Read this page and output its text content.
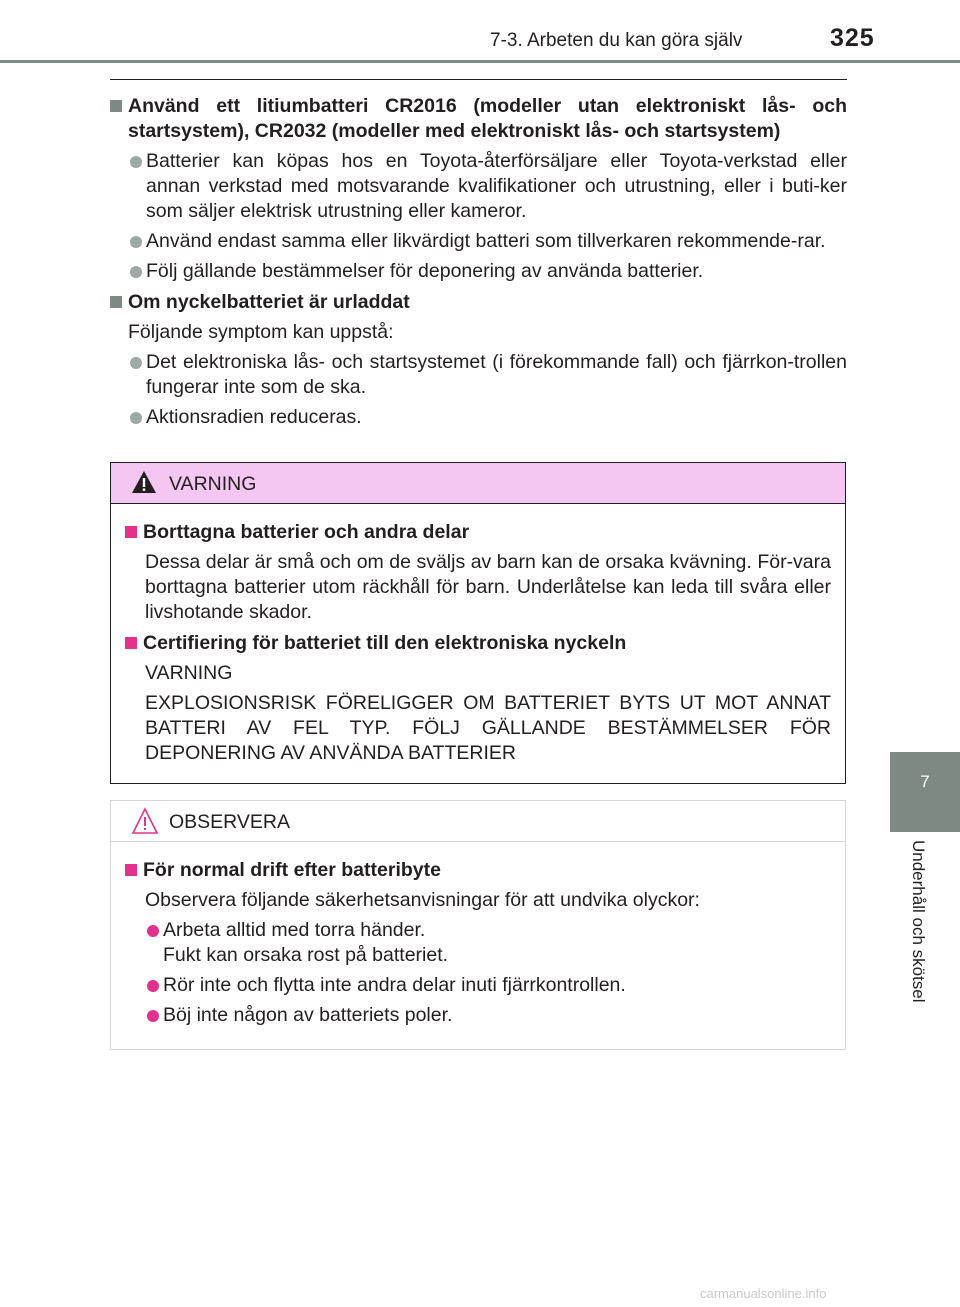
7-3. Arbeten du kan göra själv	325
7
Underhåll och skötsel
Använd ett litiumbatteri CR2016 (modeller utan elektroniskt lås- och startsystem), CR2032 (modeller med elektroniskt lås- och startsystem)
Batterier kan köpas hos en Toyota-återförsäljare eller Toyota-verkstad eller annan verkstad med motsvarande kvalifikationer och utrustning, eller i buti-ker som säljer elektrisk utrustning eller kameror.
Använd endast samma eller likvärdigt batteri som tillverkaren rekommende-rar.
Följ gällande bestämmelser för deponering av använda batterier.
Om nyckelbatteriet är urladdat
Följande symptom kan uppstå:
Det elektroniska lås- och startsystemet (i förekommande fall) och fjärrkon-trollen fungerar inte som de ska.
Aktionsradien reduceras.
VARNING
Borttagna batterier och andra delar
Dessa delar är små och om de sväljs av barn kan de orsaka kvävning. För-vara borttagna batterier utom räckhåll för barn. Underlåtelse kan leda till svåra eller livshotande skador.
Certifiering för batteriet till den elektroniska nyckeln
VARNING
EXPLOSIONSRISK FÖRELIGGER OM BATTERIET BYTS UT MOT ANNAT BATTERI AV FEL TYP. FÖLJ GÄLLANDE BESTÄMMELSER FÖR DEPONERING AV ANVÄNDA BATTERIER
OBSERVERA
För normal drift efter batteribyte
Observera följande säkerhetsanvisningar för att undvika olyckor:
Arbeta alltid med torra händer.
Fukt kan orsaka rost på batteriet.
Rör inte och flytta inte andra delar inuti fjärrkontrollen.
Böj inte någon av batteriets poler.
carmanualsonline.info
